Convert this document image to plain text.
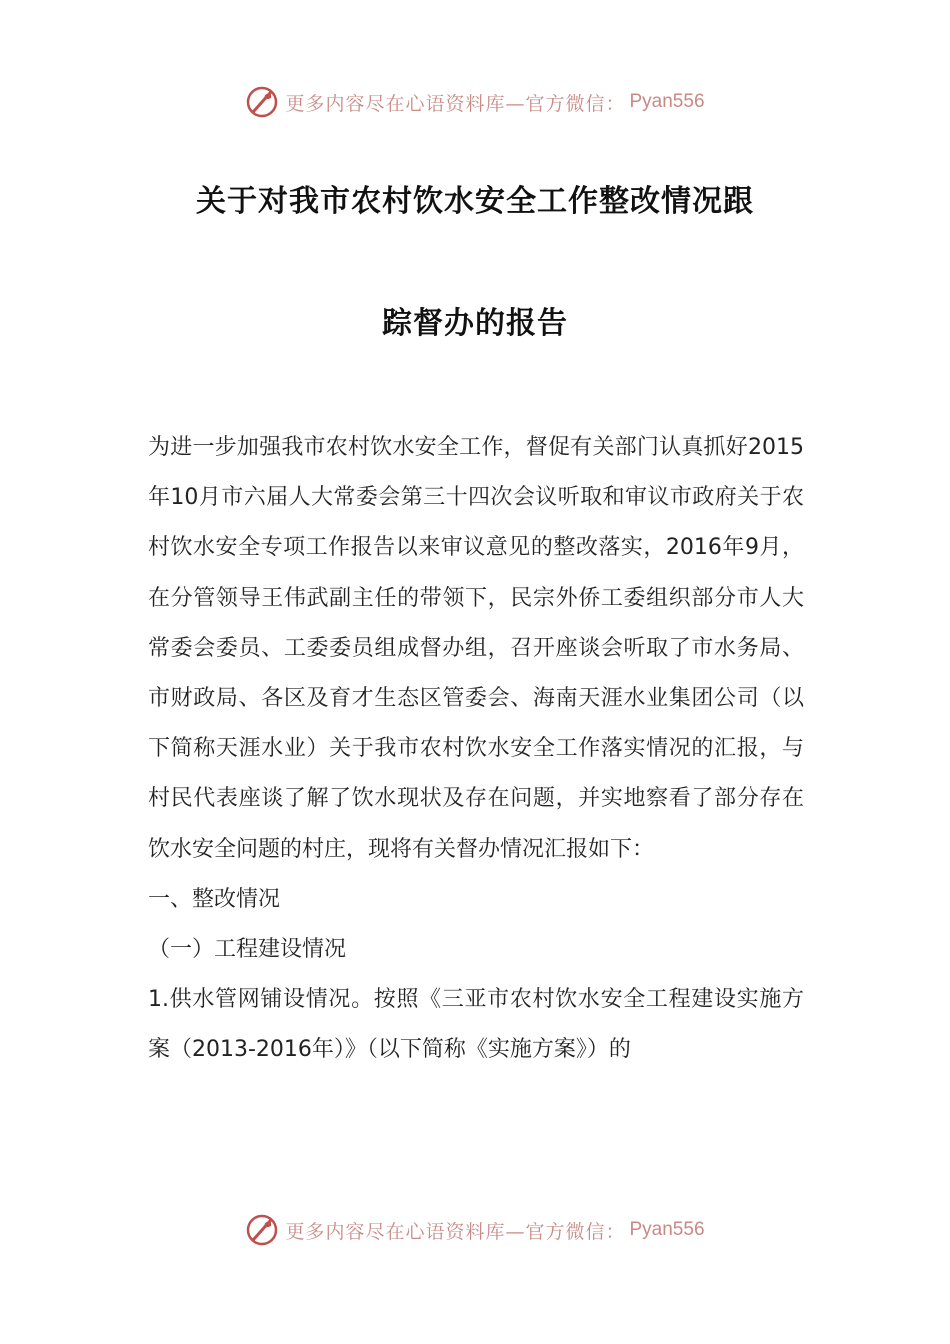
更多内容尽在心语资料库—官方微信： Pyan556
关于对我市农村饮水安全工作整改情况跟
踪督办的报告

为进一步加强我市农村饮水安全工作，督促有关部门认真抓好2015年10月市六届人大常委会第三十四次会议听取和审议市政府关于农村饮水安全专项工作报告以来审议意见的整改落实，2016年9月，在分管领导王伟武副主任的带领下，民宗外侨工委组织部分市人大常委会委员、工委委员组成督办组，召开座谈会听取了市水务局、市财政局、各区及育才生态区管委会、海南天涯水业集团公司（以下简称天涯水业）关于我市农村饮水安全工作落实情况的汇报，与村民代表座谈了解了饮水现状及存在问题，并实地察看了部分存在饮水安全问题的村庄，现将有关督办情况汇报如下：

一、整改情况

（一）工程建设情况

1.供水管网铺设情况。按照《三亚市农村饮水安全工程建设实施方案（2013-2016年）》（以下简称《实施方案》）的

更多内容尽在心语资料库—官方微信： Pyan556
